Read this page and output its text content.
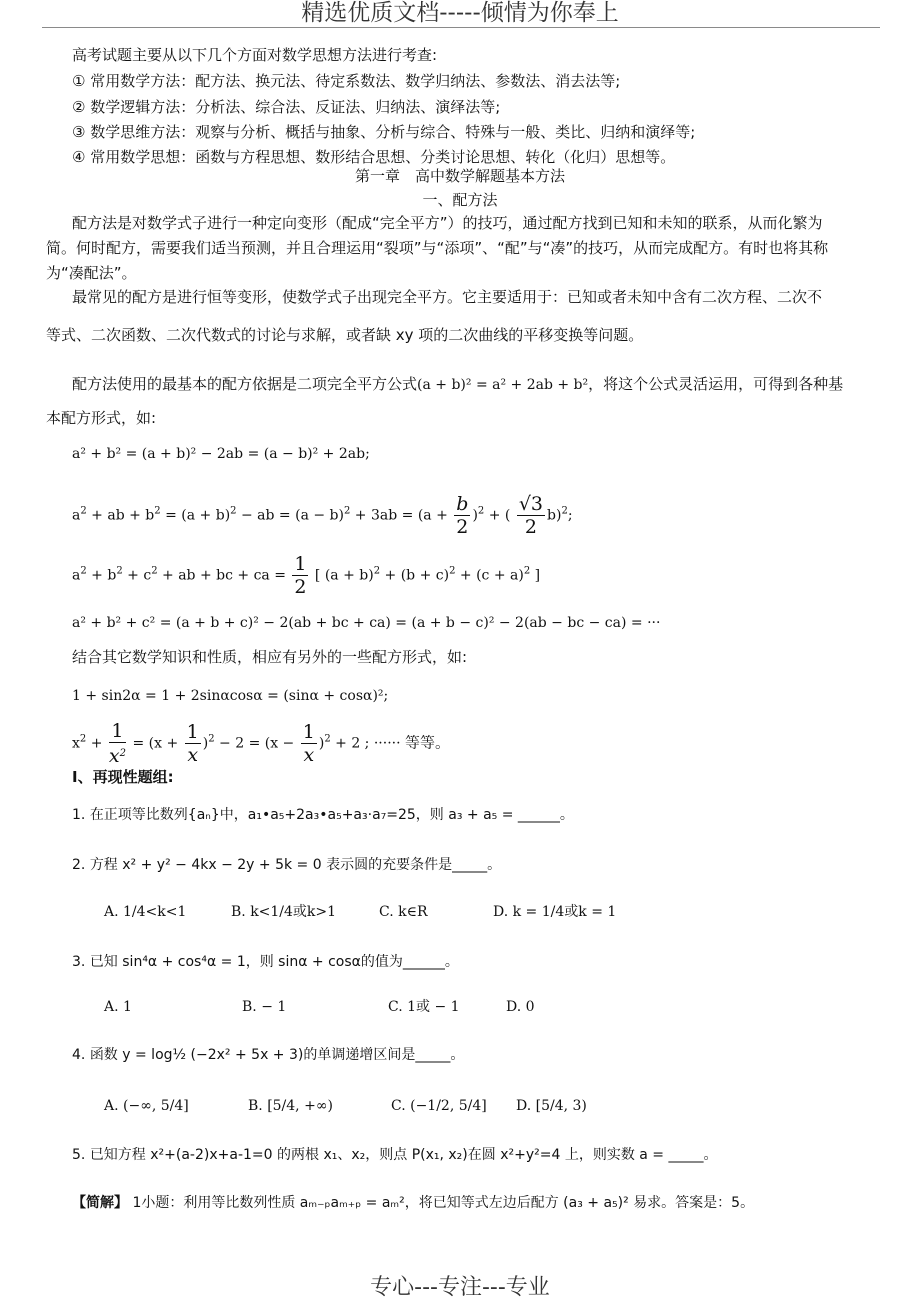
精选优质文档-----倾情为你奉上
高考试题主要从以下几个方面对数学思想方法进行考查:
① 常用数学方法：配方法、换元法、待定系数法、数学归纳法、参数法、消去法等;
② 数学逻辑方法：分析法、综合法、反证法、归纳法、演绎法等;
③ 数学思维方法：观察与分析、概括与抽象、分析与综合、特殊与一般、类比、归纳和演绎等;
④ 常用数学思想：函数与方程思想、数形结合思想、分类讨论思想、转化（化归）思想等。
第一章　高中数学解题基本方法
一、配方法
配方法是对数学式子进行一种定向变形（配成“完全平方”）的技巧，通过配方找到已知和未知的联系，从而化繁为
简。何时配方，需要我们适当预测，并且合理运用“裂项”与“添项”、“配”与“凑”的技巧，从而完成配方。有时也将其称
为“凑配法”。
最常见的配方是进行恒等变形，使数学式子出现完全平方。它主要适用于：已知或者未知中含有二次方程、二次不
等式、二次函数、二次代数式的讨论与求解，或者缺 xy 项的二次曲线的平移变换等问题。
配方法使用的最基本的配方依据是二项完全平方公式(a + b)² = a² + 2ab + b²，将这个公式灵活运用，可得到各种基
本配方形式，如:
a² + b² = (a + b)² − 2ab = (a − b)² + 2ab;
$a^2$ + ab + $b^2 = (a + b)^2$ − ab = $(a - b)^2 + 3ab = (a + \frac{b}{2} )^2$ + ( $\frac{√3}{2} b)^2$;
$a^2 + b^2 + c^2$ + ab + bc + ca = $\frac{1}{2}$ [ $(a + b)^2 + (b + c)^2 + (c + a)^2$ ]
a² + b² + c² = (a + b + c)² − 2(ab + bc + ca) = (a + b − c)² − 2(ab − bc − ca) = ···
结合其它数学知识和性质，相应有另外的一些配方形式，如:
1 + sin2α = 1 + 2sinαcosα = (sinα + cosα)²;
$x^2 + \frac{1}{x^2} = (x + \frac{1}{x} )^2 - 2 = (x - \frac{1}{x} )^2 + 2$ ; ······ 等等。
Ⅰ、再现性题组:
1. 在正项等比数列{aₙ}中，a₁•a₅+2a₃•a₅+a₃·a₇=25，则 a₃ + a₅ = ______。
2. 方程 x² + y² − 4kx − 2y + 5k = 0 表示圆的充要条件是_____。
A. 1/4<k<1	B. k<1/4或k>1	C. k∈R	D. k = 1/4或k = 1
3. 已知 sin⁴α + cos⁴α = 1，则 sinα + cosα的值为______。
A. 1	B. − 1	C. 1或 − 1	D. 0
4. 函数 y = log½ (−2x² + 5x + 3)的单调递增区间是_____。
A. (−∞, 5/4]	B. [5/4, +∞)	C. (−1/2, 5/4] D. [5/4, 3)
5. 已知方程 x²+(a-2)x+a-1=0 的两根 x₁、x₂，则点 P(x₁, x₂)在圆 x²+y²=4 上，则实数 a = _____。
【简解】 1小题：利用等比数列性质 aₘ₋ₚaₘ₊ₚ = aₘ²，将已知等式左边后配方 (a₃ + a₅)² 易求。答案是：5。
专心---专注---专业
